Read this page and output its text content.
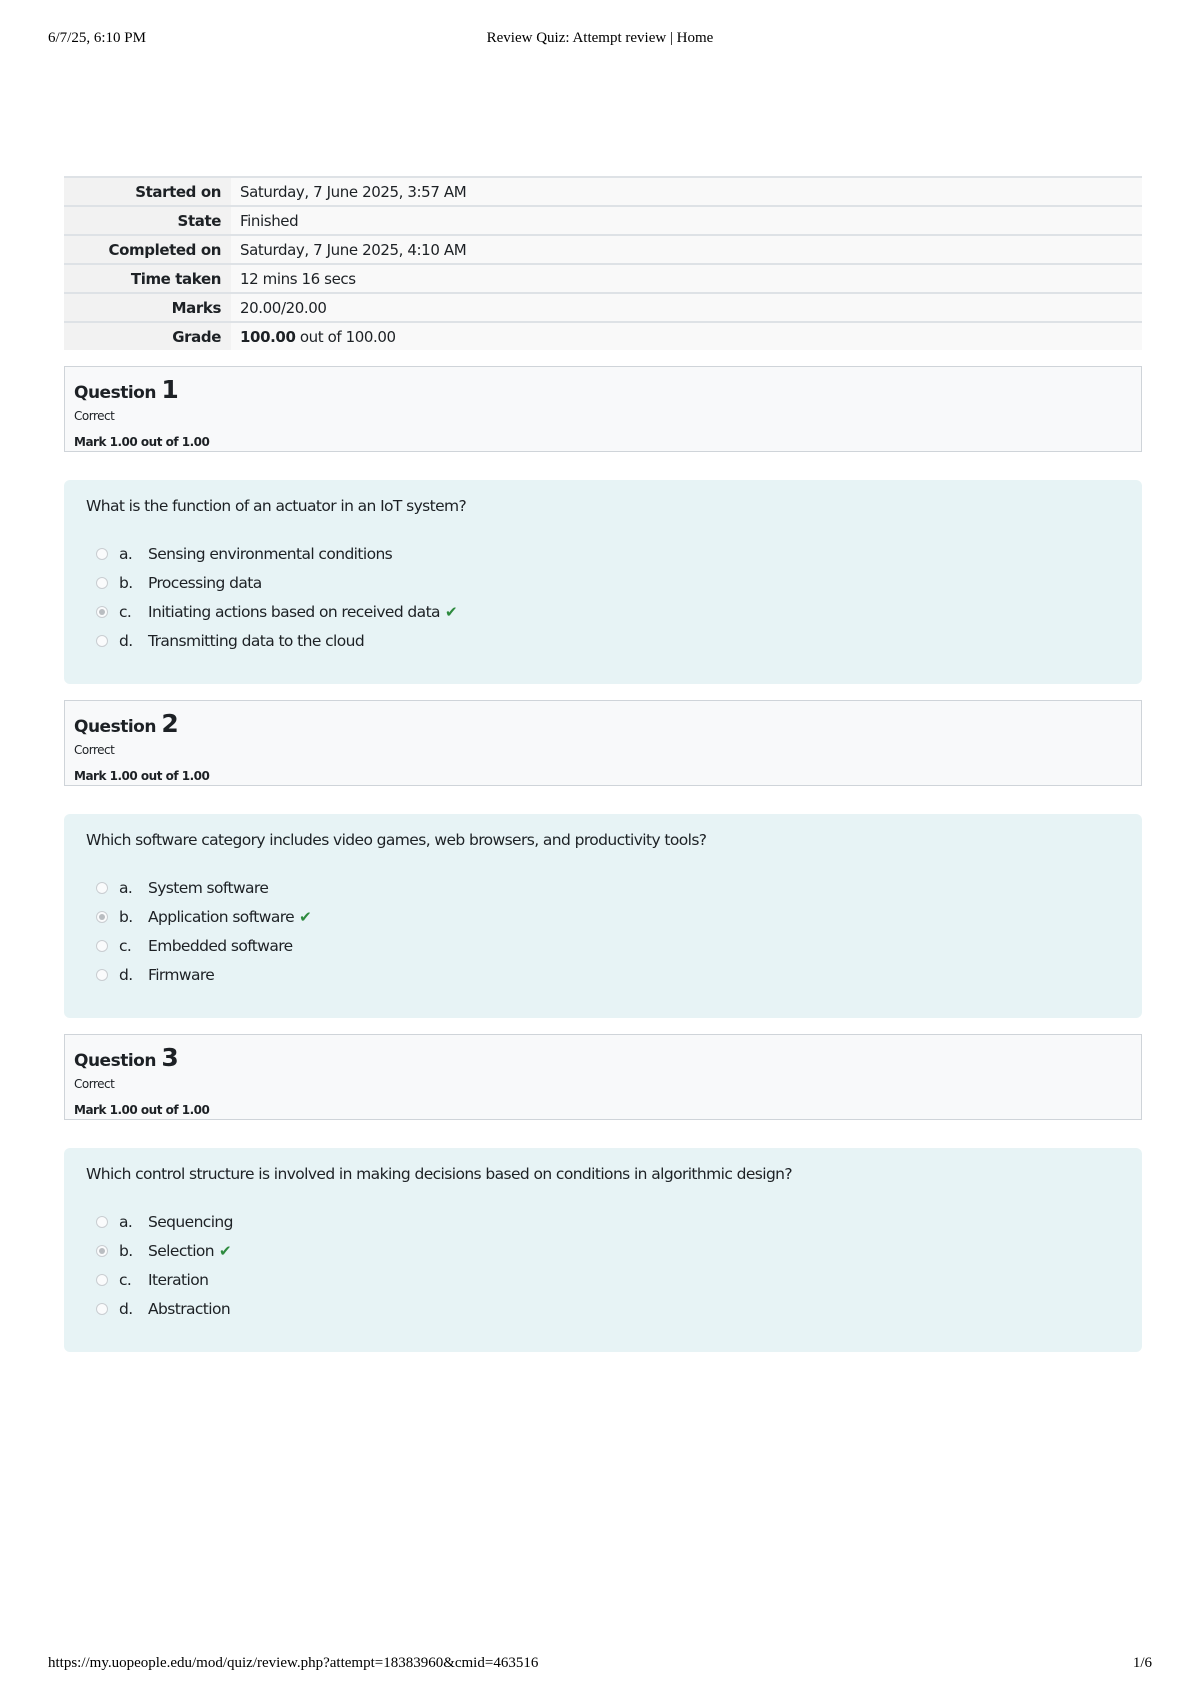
6/7/25, 6:10 PM	Review Quiz: Attempt review | Home
Started on	Saturday, 7 June 2025, 3:57 AM
State	Finished
Completed on	Saturday, 7 June 2025, 4:10 AM
Time taken	12 mins 16 secs
Marks	20.00/20.00
Grade	100.00 out of 100.00
Question 1
Correct
Mark 1.00 out of 1.00
What is the function of an actuator in an IoT system?
a.	Sensing environmental conditions
b. Processing data
c.	Initiating actions based on received data ✔
d. Transmitting data to the cloud
Question 2
Correct
Mark 1.00 out of 1.00
Which software category includes video games, web browsers, and productivity tools?
a.	System software
b. Application software ✔
c.	Embedded software
d. Firmware
Question 3
Correct
Mark 1.00 out of 1.00
Which control structure is involved in making decisions based on conditions in algorithmic design?
a.	Sequencing
b. Selection ✔
c.	Iteration
d. Abstraction
https://my.uopeople.edu/mod/quiz/review.php?attempt=18383960&cmid=463516	1/6
